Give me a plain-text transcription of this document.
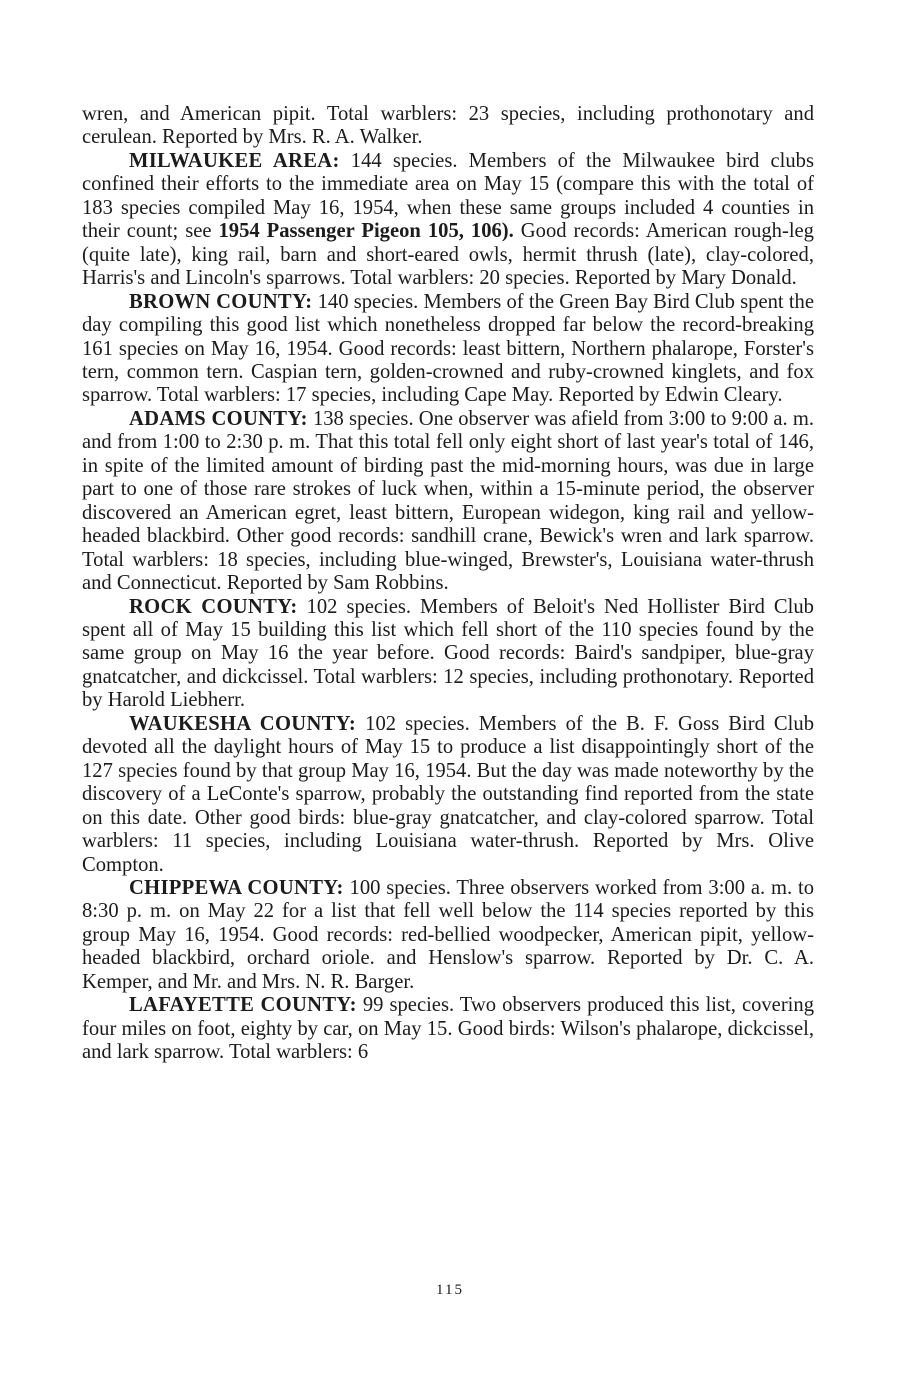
wren, and American pipit. Total warblers: 23 species, including prothonotary and cerulean. Reported by Mrs. R. A. Walker.

MILWAUKEE AREA: 144 species. Members of the Milwaukee bird clubs confined their efforts to the immediate area on May 15 (compare this with the total of 183 species compiled May 16, 1954, when these same groups included 4 counties in their count; see 1954 Passenger Pigeon 105, 106). Good records: American rough-leg (quite late), king rail, barn and short-eared owls, hermit thrush (late), clay-colored, Harris's and Lincoln's sparrows. Total warblers: 20 species. Reported by Mary Donald.

BROWN COUNTY: 140 species. Members of the Green Bay Bird Club spent the day compiling this good list which nonetheless dropped far below the record-breaking 161 species on May 16, 1954. Good records: least bittern, Northern phalarope, Forster's tern, common tern. Caspian tern, golden-crowned and ruby-crowned kinglets, and fox sparrow. Total warblers: 17 species, including Cape May. Reported by Edwin Cleary.

ADAMS COUNTY: 138 species. One observer was afield from 3:00 to 9:00 a. m. and from 1:00 to 2:30 p. m. That this total fell only eight short of last year's total of 146, in spite of the limited amount of birding past the mid-morning hours, was due in large part to one of those rare strokes of luck when, within a 15-minute period, the observer discovered an American egret, least bittern, European widegon, king rail and yellow-headed blackbird. Other good records: sandhill crane, Bewick's wren and lark sparrow. Total warblers: 18 species, including blue-winged, Brewster's, Louisiana water-thrush and Connecticut. Reported by Sam Robbins.

ROCK COUNTY: 102 species. Members of Beloit's Ned Hollister Bird Club spent all of May 15 building this list which fell short of the 110 species found by the same group on May 16 the year before. Good records: Baird's sandpiper, blue-gray gnatcatcher, and dickcissel. Total warblers: 12 species, including prothonotary. Reported by Harold Liebherr.

WAUKESHA COUNTY: 102 species. Members of the B. F. Goss Bird Club devoted all the daylight hours of May 15 to produce a list disappointingly short of the 127 species found by that group May 16, 1954. But the day was made noteworthy by the discovery of a LeConte's sparrow, probably the outstanding find reported from the state on this date. Other good birds: blue-gray gnatcatcher, and clay-colored sparrow. Total warblers: 11 species, including Louisiana water-thrush. Reported by Mrs. Olive Compton.

CHIPPEWA COUNTY: 100 species. Three observers worked from 3:00 a. m. to 8:30 p. m. on May 22 for a list that fell well below the 114 species reported by this group May 16, 1954. Good records: red-bellied woodpecker, American pipit, yellow-headed blackbird, orchard oriole. and Henslow's sparrow. Reported by Dr. C. A. Kemper, and Mr. and Mrs. N. R. Barger.

LAFAYETTE COUNTY: 99 species. Two observers produced this list, covering four miles on foot, eighty by car, on May 15. Good birds: Wilson's phalarope, dickcissel, and lark sparrow. Total warblers: 6

115
